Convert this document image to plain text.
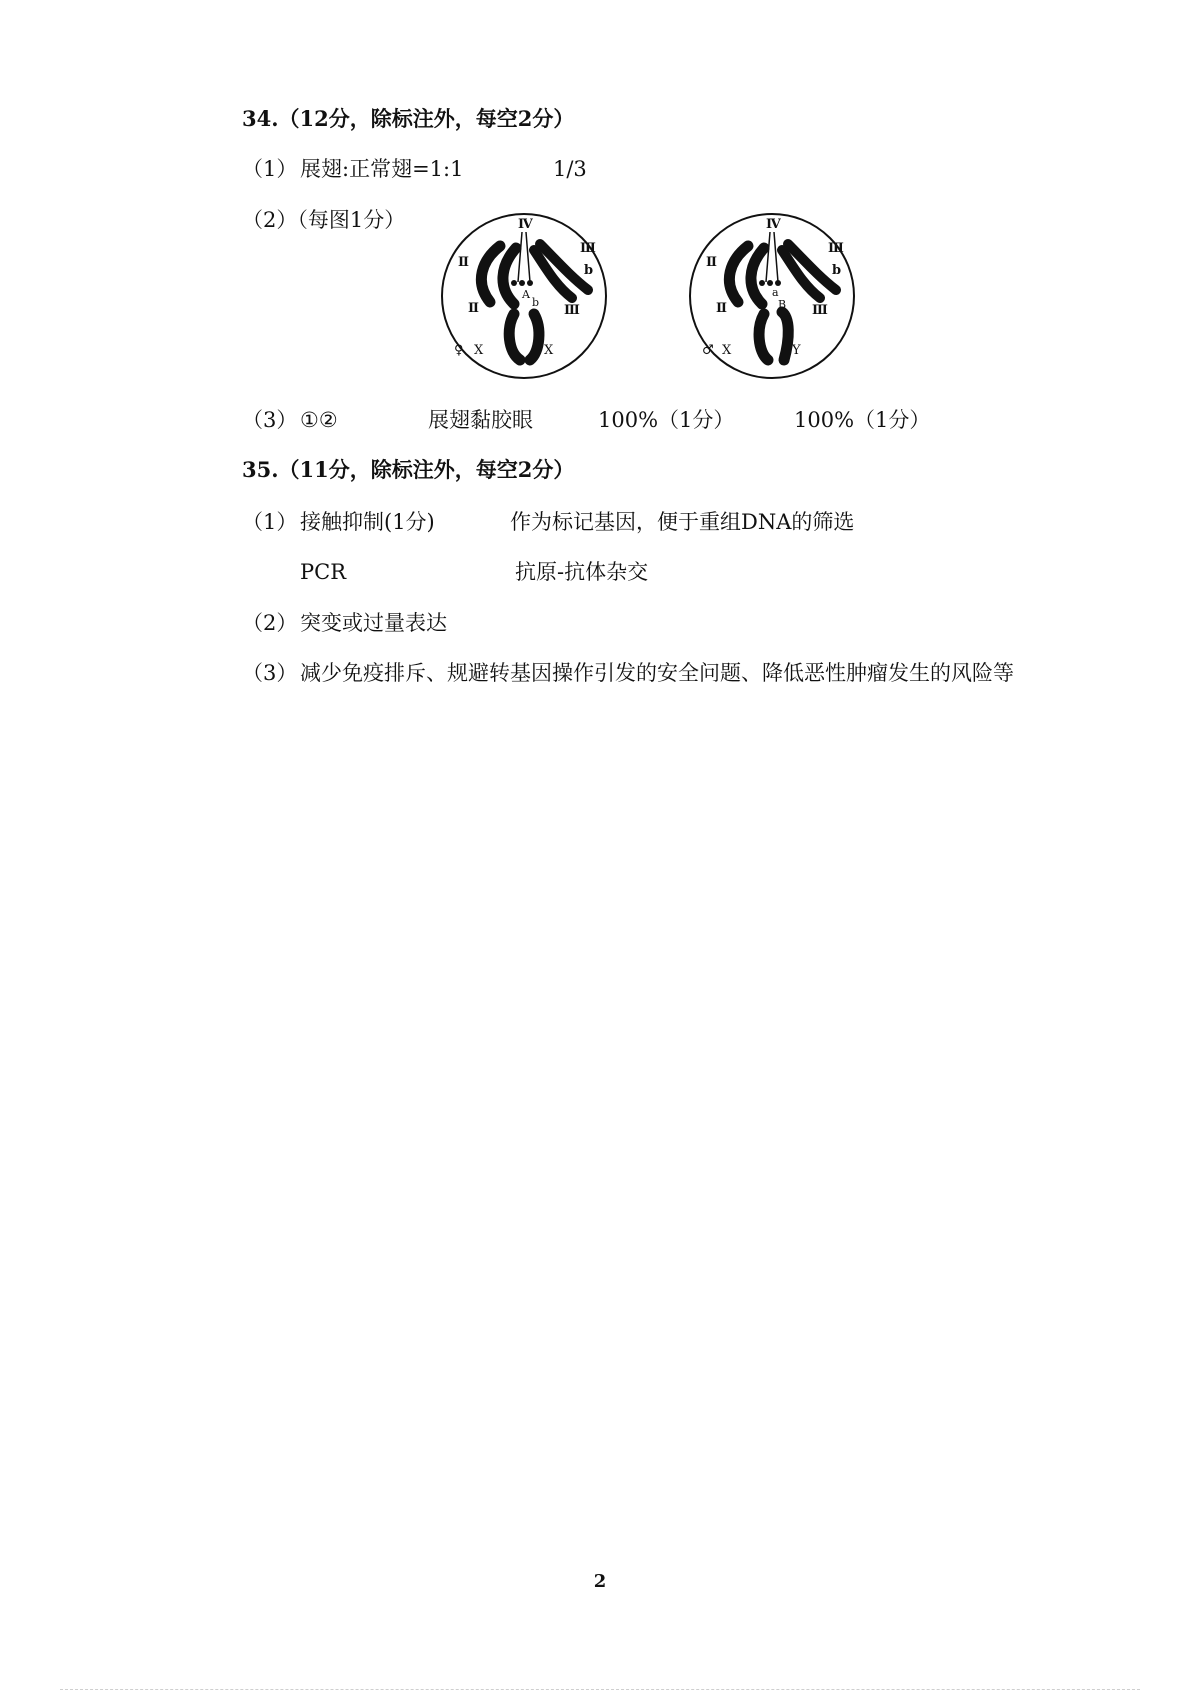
34.（12分，除标注外，每空2分）
（1） 展翅:正常翅=1:1	1/3
（2）（每图1分）	Ⅳ
Ⅱ
Ⅱ
Ⅲ
Ⅲ
a
b
A
b
♀ X	X
Ⅳ
Ⅱ
Ⅱ
Ⅲ
Ⅲ
a
b
a
B
♂ X	Y
（3） ①②	展翅黏胶眼	100%（1分）	100%（1分）
35.（11分，除标注外，每空2分）
（1） 接触抑制(1分)	作为标记基因，便于重组DNA的筛选
PCR	抗原-抗体杂交
（2） 突变或过量表达
（3） 减少免疫排斥、规避转基因操作引发的安全问题、降低恶性肿瘤发生的风险等
2
